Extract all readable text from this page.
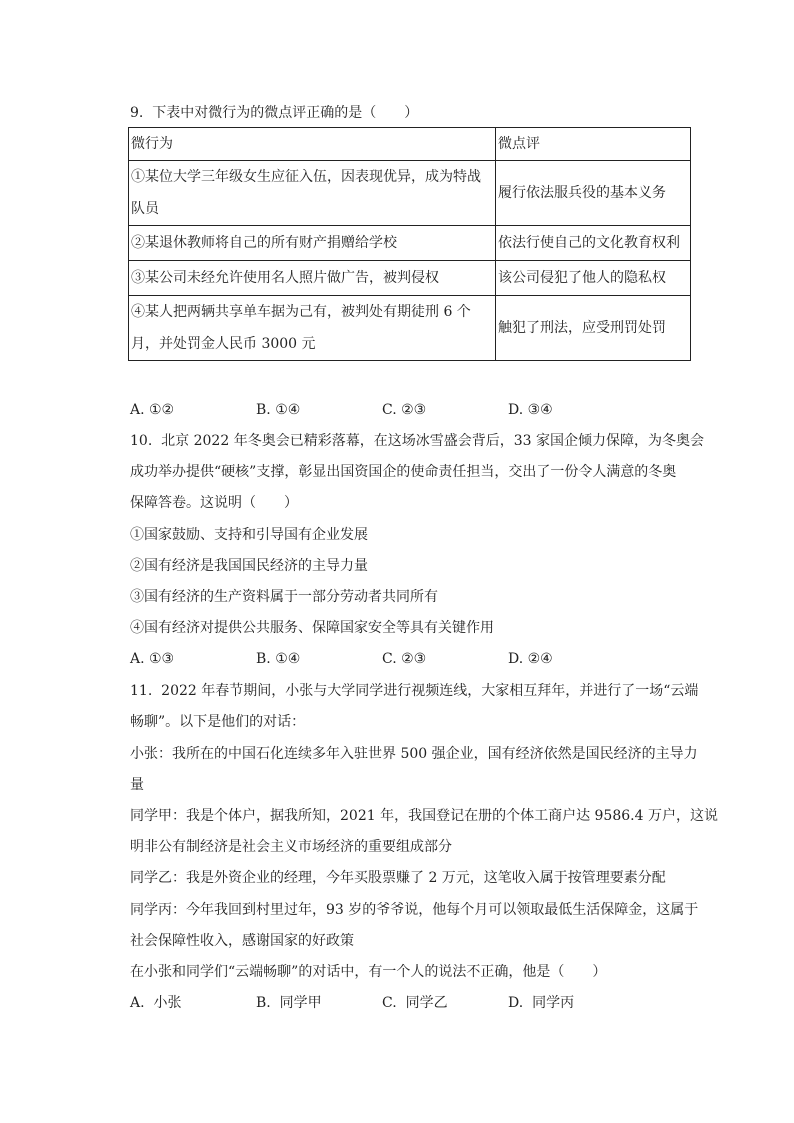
9.  下表中对微行为的微点评正确的是（　　）
微行为	微点评
①某位大学三年级女生应征入伍，因表现优异，成为特战队员	履行依法服兵役的基本义务
②某退休教师将自己的所有财产捐赠给学校	依法行使自己的文化教育权利
③某公司未经允许使用名人照片做广告，被判侵权	该公司侵犯了他人的隐私权
④某人把两辆共享单车据为己有，被判处有期徒刑 6 个月，并处罚金人民币 3000 元	触犯了刑法，应受刑罚处罚
A. ①②	B. ①④	C. ②③	D. ③④
10.  北京 2022 年冬奥会已精彩落幕，在这场冰雪盛会背后，33 家国企倾力保障，为冬奥会
成功举办提供“硬核”支撑，彰显出国资国企的使命责任担当，交出了一份令人满意的冬奥
保障答卷。这说明（　　）
①国家鼓励、支持和引导国有企业发展
②国有经济是我国国民经济的主导力量
③国有经济的生产资料属于一部分劳动者共同所有
④国有经济对提供公共服务、保障国家安全等具有关键作用
A. ①③	B. ①④	C. ②③	D. ②④
11.  2022 年春节期间，小张与大学同学进行视频连线，大家相互拜年，并进行了一场“云端
畅聊”。以下是他们的对话：
小张：我所在的中国石化连续多年入驻世界 500 强企业，国有经济依然是国民经济的主导力
量
同学甲：我是个体户，据我所知，2021 年，我国登记在册的个体工商户达 9586.4 万户，这说
明非公有制经济是社会主义市场经济的重要组成部分
同学乙：我是外资企业的经理，今年买股票赚了 2 万元，这笔收入属于按管理要素分配
同学丙：今年我回到村里过年，93 岁的爷爷说，他每个月可以领取最低生活保障金，这属于
社会保障性收入，感谢国家的好政策
在小张和同学们“云端畅聊”的对话中，有一个人的说法不正确，他是（　　）
A.  小张	B.  同学甲	C.  同学乙	D.  同学丙
